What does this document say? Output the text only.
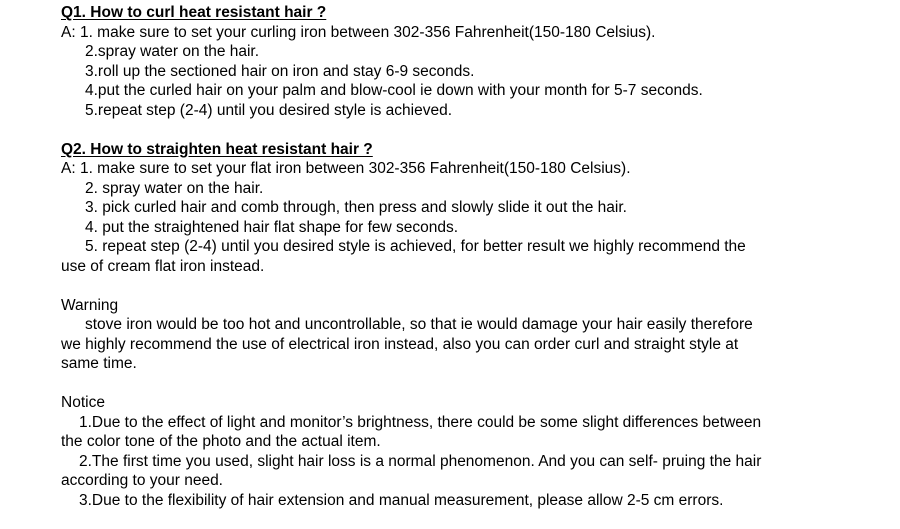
Q1. How to curl heat resistant hair ?
A: 1. make sure to set your curling iron between 302-356 Fahrenheit(150-180 Celsius).
2.spray water on the hair.
3.roll up the sectioned hair on iron and stay 6-9 seconds.
4.put the curled hair on your palm and blow-cool ie down with your month for 5-7 seconds.
5.repeat step (2-4) until you desired style is achieved.
Q2. How to straighten heat resistant hair ?
A: 1. make sure to set your flat iron between 302-356 Fahrenheit(150-180 Celsius).
2. spray water on the hair.
3. pick curled hair and comb through, then press and slowly slide it out the hair.
4. put the straightened hair flat shape for few seconds.
5. repeat step (2-4) until you desired style is achieved, for better result we highly recommend the
use of cream flat iron instead.
Warning
stove iron would be too hot and uncontrollable, so that ie would damage your hair easily therefore
we highly recommend the use of electrical iron instead, also you can order curl and straight style at
same time.
Notice
1.Due to the effect of light and monitor’s brightness, there could be some slight differences between
the color tone of the photo and the actual item.
2.The first time you used, slight hair loss is a normal phenomenon. And you can self- pruing the hair
according to your need.
3.Due to the flexibility of hair extension and manual measurement, please allow 2-5 cm errors.
